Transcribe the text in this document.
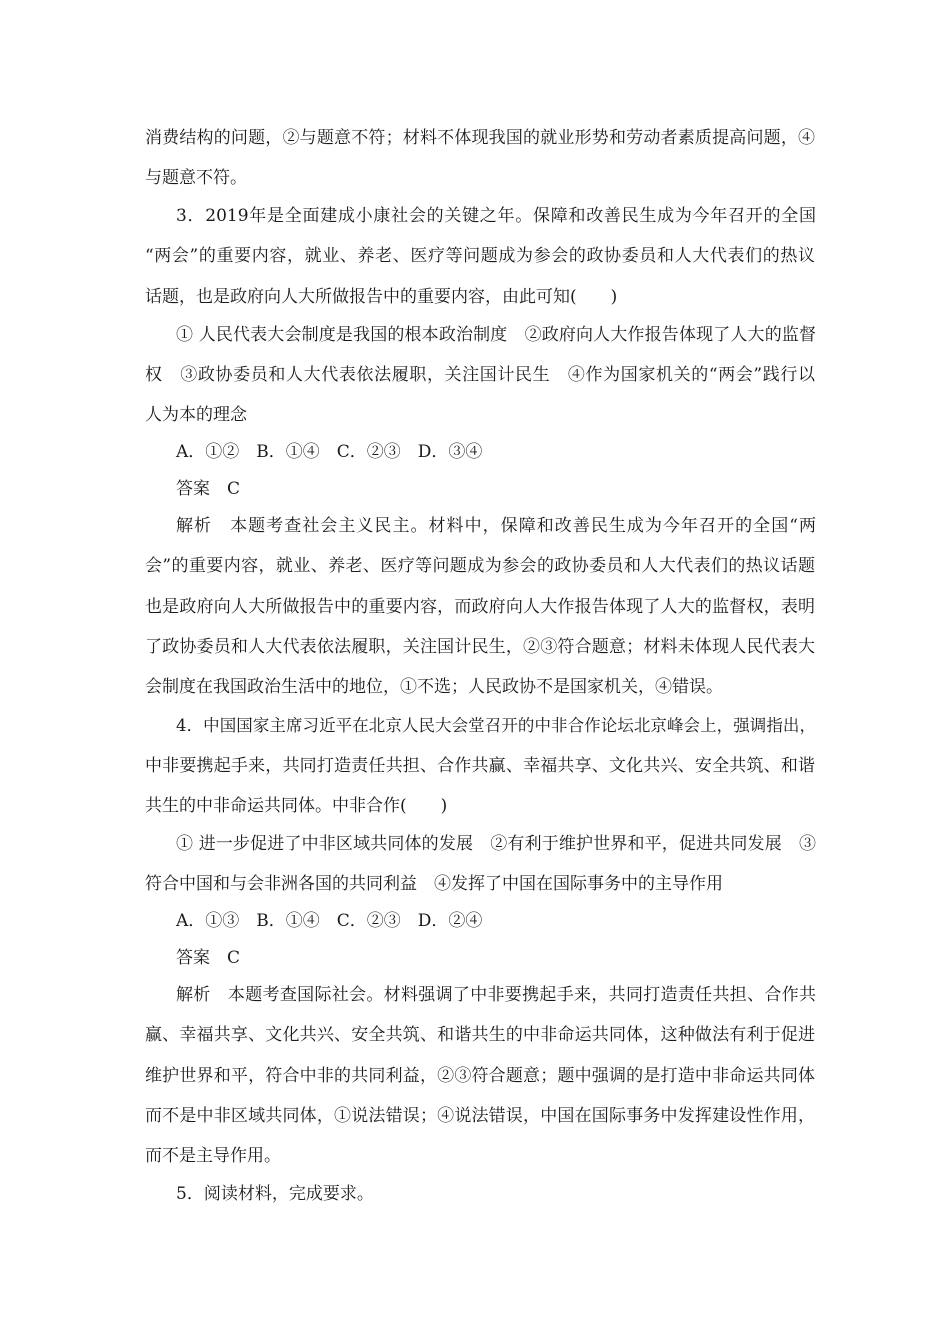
消费结构的问题，②与题意不符；材料不体现我国的就业形势和劳动者素质提高问题，④
与题意不符。
3．2019年是全面建成小康社会的关键之年。保障和改善民生成为今年召开的全国
“两会”的重要内容，就业、养老、医疗等问题成为参会的政协委员和人大代表们的热议
话题，也是政府向人大所做报告中的重要内容，由此可知(　　)
① 人民代表大会制度是我国的根本政治制度　②政府向人大作报告体现了人大的监督
权　③政协委员和人大代表依法履职，关注国计民生　④作为国家机关的“两会”践行以
人为本的理念
A．①②　B．①④　C．②③　D．③④
答案　C
解析　本题考查社会主义民主。材料中，保障和改善民生成为今年召开的全国“两
会”的重要内容，就业、养老、医疗等问题成为参会的政协委员和人大代表们的热议话题
也是政府向人大所做报告中的重要内容，而政府向人大作报告体现了人大的监督权，表明
了政协委员和人大代表依法履职，关注国计民生，②③符合题意；材料未体现人民代表大
会制度在我国政治生活中的地位，①不选；人民政协不是国家机关，④错误。
4．中国国家主席习近平在北京人民大会堂召开的中非合作论坛北京峰会上，强调指出，
中非要携起手来，共同打造责任共担、合作共赢、幸福共享、文化共兴、安全共筑、和谐
共生的中非命运共同体。中非合作(　　)
① 进一步促进了中非区域共同体的发展　②有利于维护世界和平，促进共同发展　③
符合中国和与会非洲各国的共同利益　④发挥了中国在国际事务中的主导作用
A．①③　B．①④　C．②③　D．②④
答案　C
解析　本题考查国际社会。材料强调了中非要携起手来，共同打造责任共担、合作共
赢、幸福共享、文化共兴、安全共筑、和谐共生的中非命运共同体，这种做法有利于促进
维护世界和平，符合中非的共同利益，②③符合题意；题中强调的是打造中非命运共同体
而不是中非区域共同体，①说法错误；④说法错误，中国在国际事务中发挥建设性作用，
而不是主导作用。
5．阅读材料，完成要求。
